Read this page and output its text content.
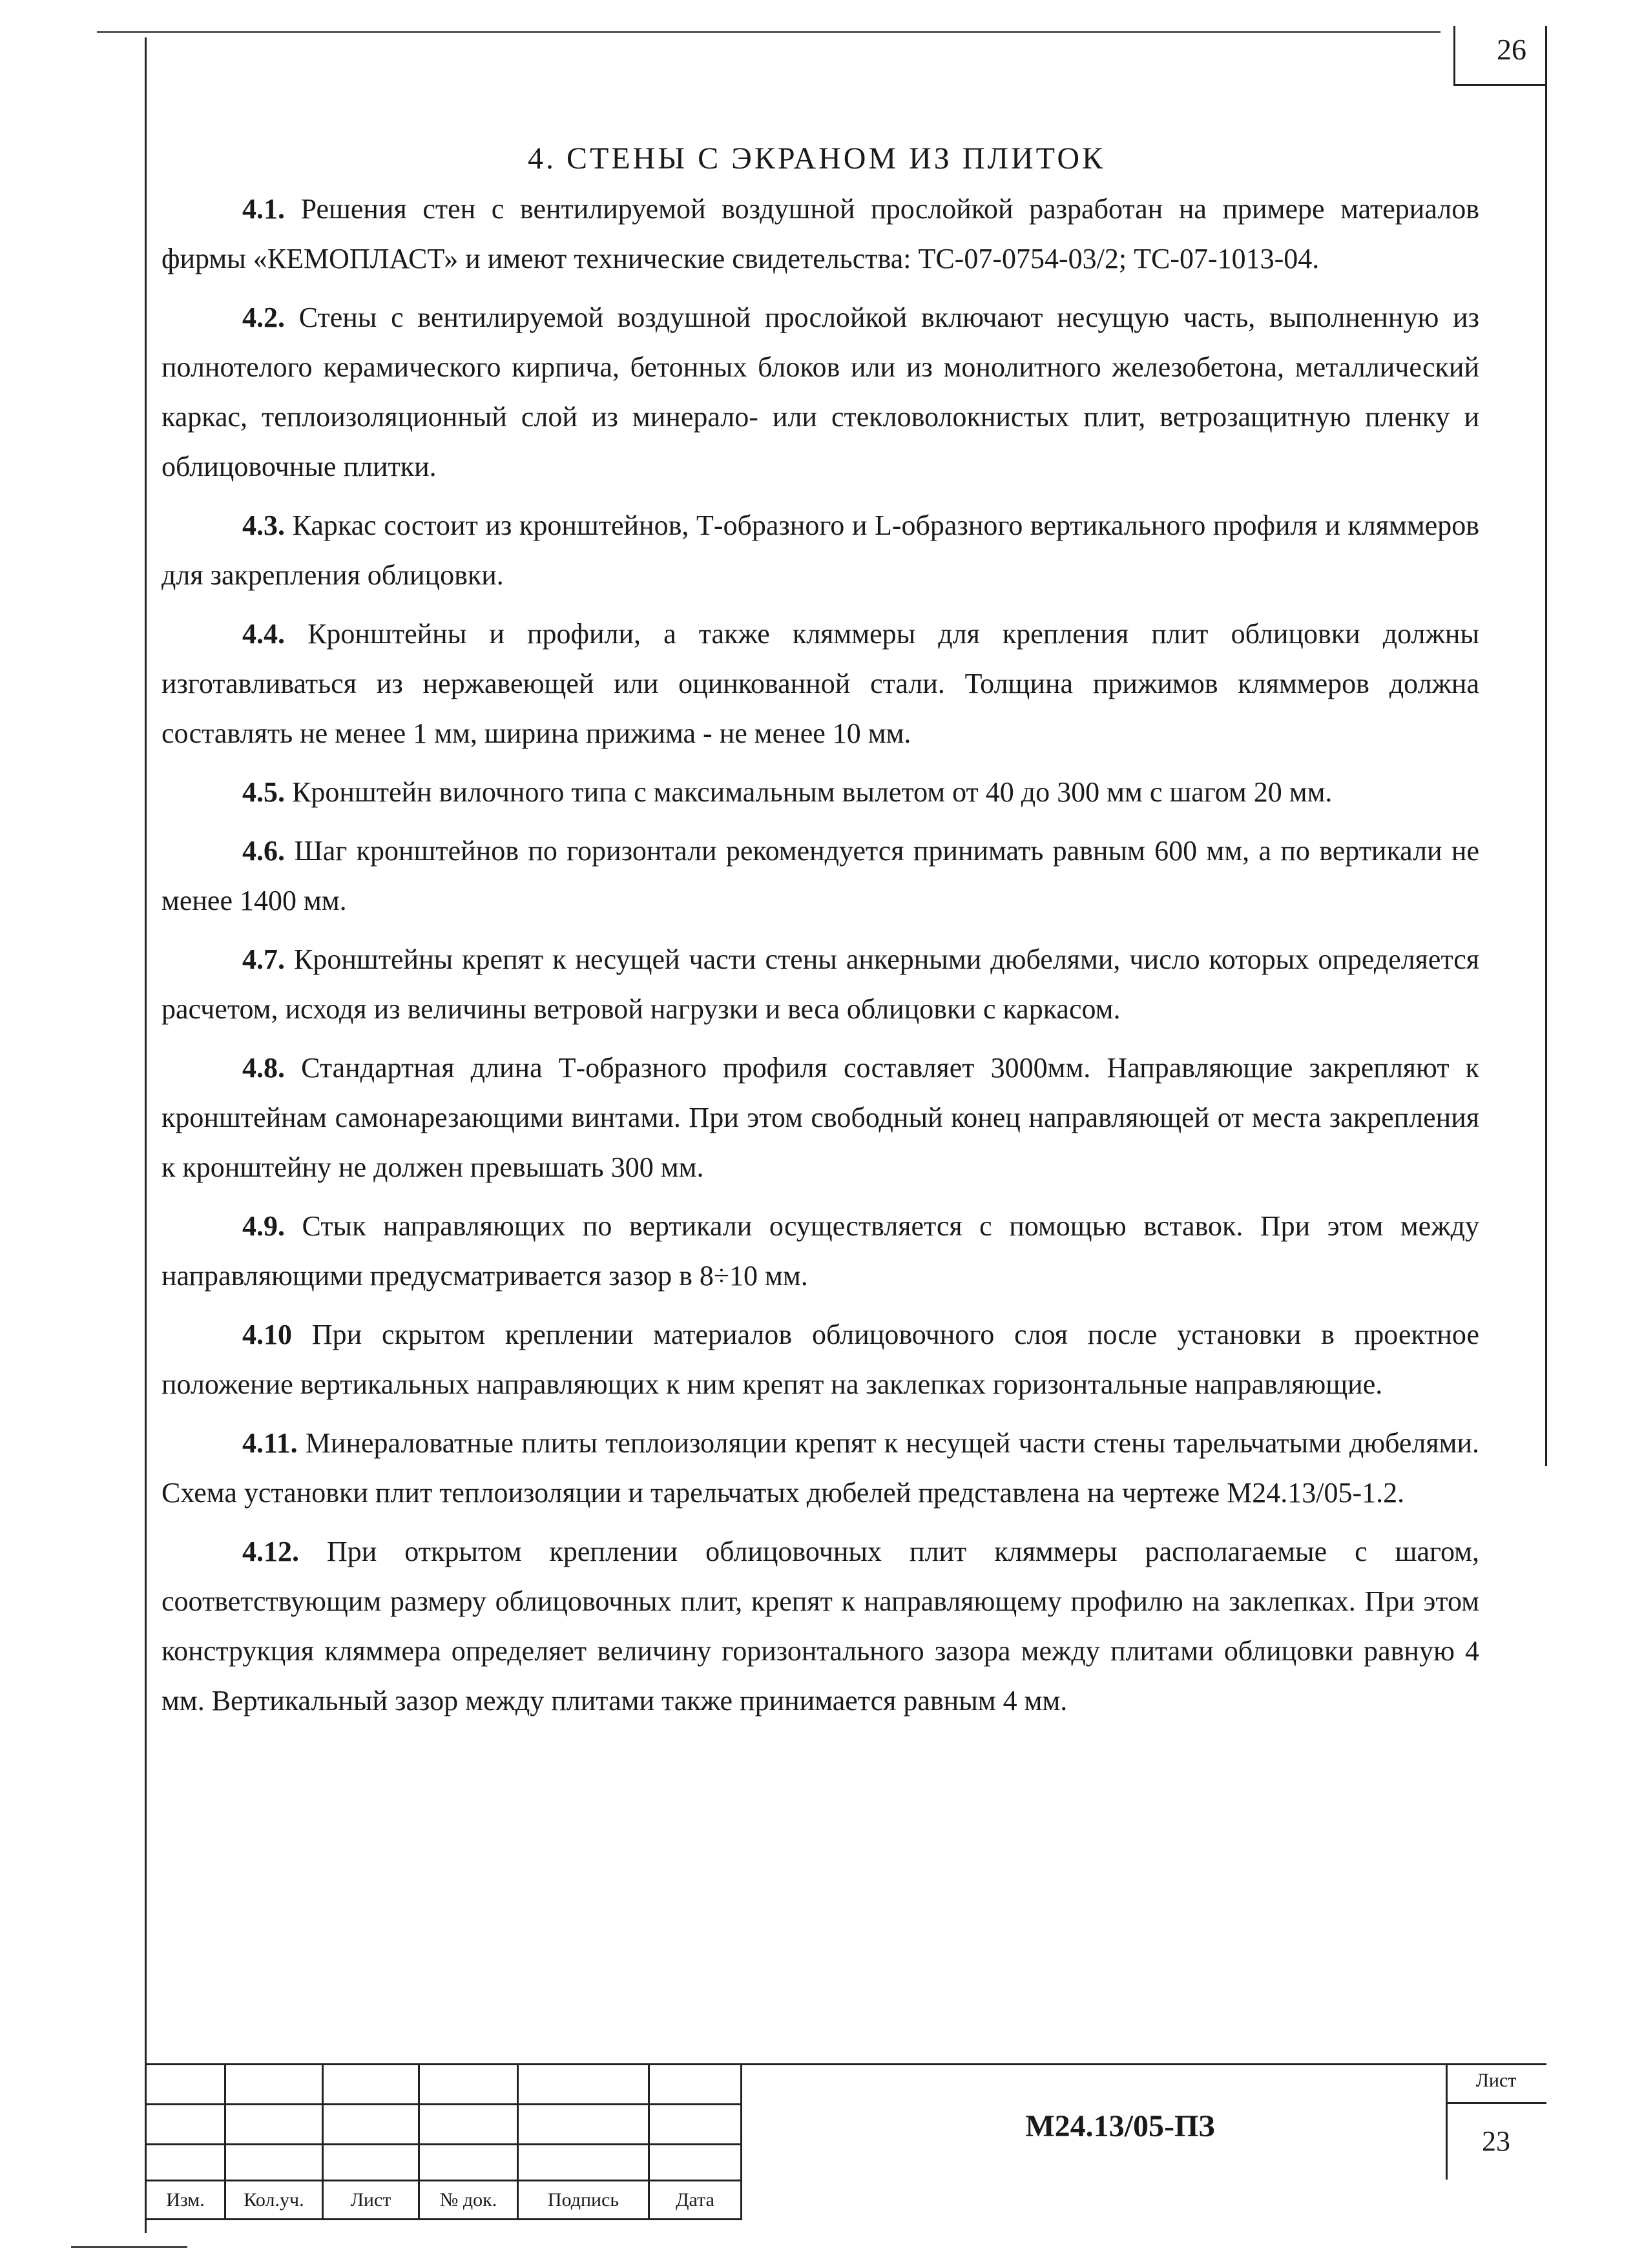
26
4. СТЕНЫ С ЭКРАНОМ ИЗ ПЛИТОК

4.1. Решения стен с вентилируемой воздушной прослойкой разработан на примере материалов фирмы «КЕМОПЛАСТ» и имеют технические свидетельства: ТС-07-0754-03/2; ТС-07-1013-04.

4.2. Стены с вентилируемой воздушной прослойкой включают несущую часть, выполненную из полнотелого керамического кирпича, бетонных блоков или из монолитного железобетона, металлический каркас, теплоизоляционный слой из минерало- или стекловолокнистых плит, ветрозащитную пленку и облицовочные плитки.

4.3. Каркас состоит из кронштейнов, Т-образного и L-образного вертикального профиля и кляммеров для закрепления облицовки.

4.4. Кронштейны и профили, а также кляммеры для крепления плит облицовки должны изготавливаться из нержавеющей или оцинкованной стали. Толщина прижимов кляммеров должна составлять не менее 1 мм, ширина прижима - не менее 10 мм.

4.5. Кронштейн вилочного типа с максимальным вылетом от 40 до 300 мм с шагом 20 мм.

4.6. Шаг кронштейнов по горизонтали рекомендуется принимать равным 600 мм, а по вертикали не менее 1400 мм.

4.7. Кронштейны крепят к несущей части стены анкерными дюбелями, число которых определяется расчетом, исходя из величины ветровой нагрузки и веса облицовки с каркасом.

4.8. Стандартная длина Т-образного профиля составляет 3000мм. Направляющие закрепляют к кронштейнам самонарезающими винтами. При этом свободный конец направляющей от места закрепления к кронштейну не должен превышать 300 мм.

4.9. Стык направляющих по вертикали осуществляется с помощью вставок. При этом между направляющими предусматривается зазор в 8÷10 мм.

4.10 При скрытом креплении материалов облицовочного слоя после установки в проектное положение вертикальных направляющих к ним крепят на заклепках горизонтальные направляющие.

4.11. Минераловатные плиты теплоизоляции крепят к несущей части стены тарельчатыми дюбелями. Схема установки плит теплоизоляции и тарельчатых дюбелей представлена на чертеже М24.13/05-1.2.

4.12. При открытом креплении облицовочных плит кляммеры располагаемые с шагом, соответствующим размеру облицовочных плит, крепят к направляющему профилю на заклепках. При этом конструкция кляммера определяет величину горизонтального зазора между плитами облицовки равную 4 мм. Вертикальный зазор между плитами также принимается равным 4 мм.

Изм.	Кол.уч.	Лист	№ док.	Подпись	Дата
М24.13/05-ПЗ
Лист
23
